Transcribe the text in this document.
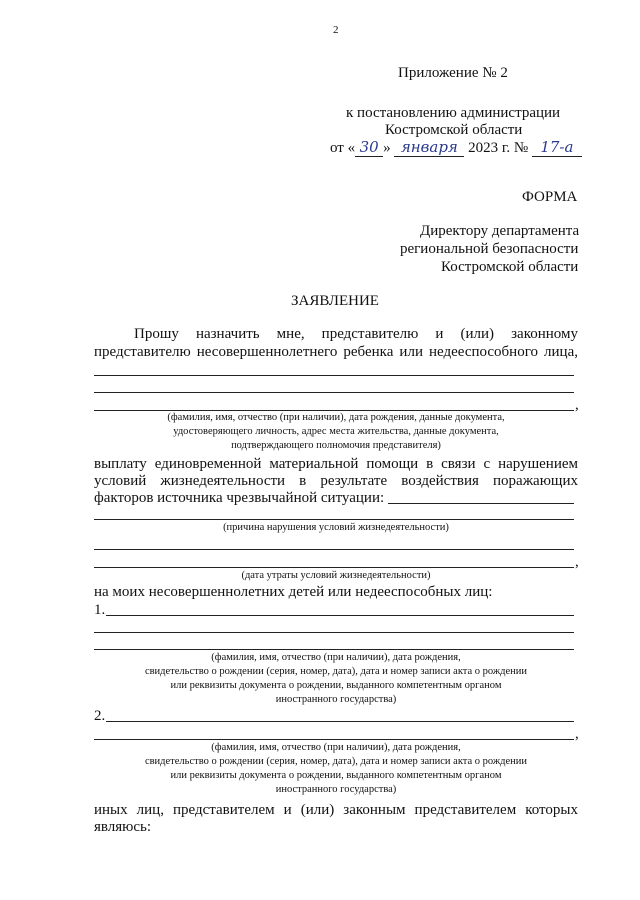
2
Приложение № 2
к постановлению администрации
Костромской области
от « 30 » января 2023 г. № 17-а
ФОРМА
Директору департамента
региональной безопасности
Костромской области
ЗАЯВЛЕНИЕ
Прошу назначить мне, представителю и (или) законному
представителю несовершеннолетнего ребенка или недееспособного лица,
,
(фамилия, имя, отчество (при наличии), дата рождения, данные документа,
удостоверяющего личность, адрес места жительства, данные документа,
подтверждающего полномочия представителя)
выплату единовременной материальной помощи в связи с нарушением
условий жизнедеятельности в результате воздействия поражающих
факторов источника чрезвычайной ситуации:
(причина нарушения условий жизнедеятельности)
,
(дата утраты условий жизнедеятельности)
на моих несовершеннолетних детей или недееспособных лиц:
1.
(фамилия, имя, отчество (при наличии), дата рождения,
свидетельство о рождении (серия, номер, дата), дата и номер записи акта о рождении
или реквизиты документа о рождении, выданного компетентным органом
иностранного государства)
2.
,
(фамилия, имя, отчество (при наличии), дата рождения,
свидетельство о рождении (серия, номер, дата), дата и номер записи акта о рождении
или реквизиты документа о рождении, выданного компетентным органом
иностранного государства)
иных лиц, представителем и (или) законным представителем которых
являюсь:
